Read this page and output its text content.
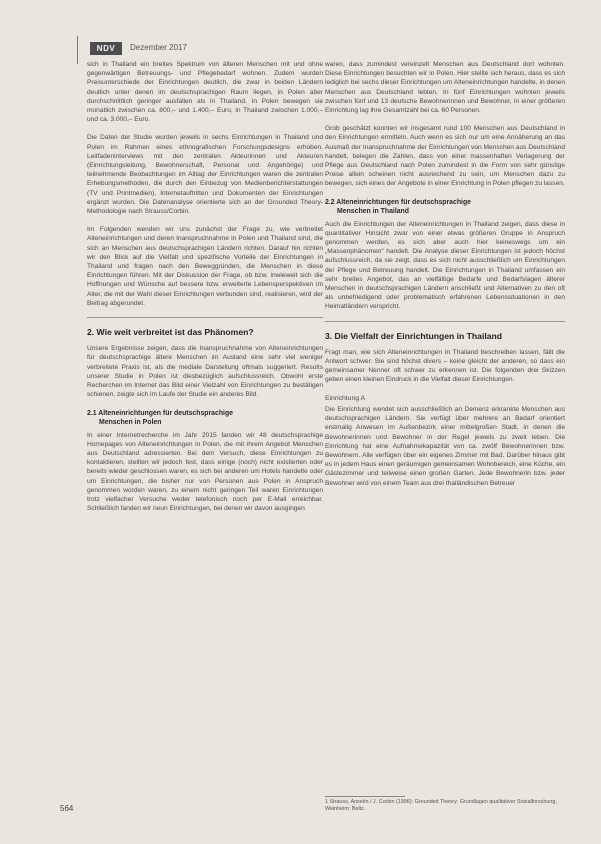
NDV	Dezember 2017

sich in Thailand ein breites Spektrum von älteren Menschen mit und ohne gegenwärtigen Betreuungs- und Pflegebedarf wohnen. Zudem wurden Preisunterschiede der Einrichtungen deutlich, die zwar in beiden Ländern deutlich unter denen im deutschsprachigen Raum liegen, in Polen aber durchschnittlich geringer ausfallen als in Thailand. In Polen bewegen sie monatlich zwischen ca. 800,– und 1.400,– Euro, in Thailand zwischen 1.000,– und ca. 3.000,– Euro.

Die Daten der Studie wurden jeweils in sechs Einrichtungen in Thailand und Polen im Rahmen eines ethnografischen Forschungsdesigns erhoben. Leitfadeninterviews mit den zentralen Akteurinnen und Akteuren (Einrichtungsleitung, Bewohnerschaft, Personal und Angehörige) und teilnehmende Beobachtungen im Alltag der Einrichtungen waren die zentralen Erhebungsmethoden, die durch den Einbezug von Medienberichterstattungen (TV und Printmedien), Internetauftritten und Dokumenten der Einrichtungen ergänzt wurden. Die Datenanalyse orientierte sich an der Grounded Theory-Methodologie nach Strauss/Corbin.

Im Folgenden wenden wir uns zunächst der Frage zu, wie verbreitet Alteneinrichtungen und deren Inanspruchnahme in Polen und Thailand sind, die sich an Menschen aus deutschsprachigen Ländern richten. Darauf hin richten wir den Blick auf die Vielfalt und spezifische Vorteile der Einrichtungen in Thailand und fragen nach den Beweggründen, die Menschen in diese Einrichtungen führen. Mit der Diskussion der Frage, ob bzw. inwieweit sich die Hoffnungen und Wünsche auf bessere bzw. erweiterte Lebensperspektiven im Alter, die mit der Wahl dieser Einrichtungen verbunden sind, realisieren, wird der Beitrag abgerundet.

2. Wie weit verbreitet ist das Phänomen?

Unsere Ergebnisse zeigen, dass die Inanspruchnahme von Alteneinrichtungen für deutschsprachige ältere Menschen im Ausland eine sehr viel weniger verbreitete Praxis ist, als die mediale Darstellung oftmals suggeriert. Results unserer Studie in Polen ist diesbezüglich aufschlussreich. Obwohl erste Recherchen im Internet das Bild einer Vielzahl von Einrichtungen zu bestätigen schienen, zeigte sich im Laufe der Studie ein anderes Bild.

2.1 Alteneinrichtungen für deutschsprachige
Menschen in Polen

In einer Internetrecherche im Jahr 2015 fanden wir 48 deutschsprachige Homepages von Alteneinrichtungen in Polen, die mit ihrem Angebot Menschen aus Deutschland adressierten. Bei dem Versuch, diese Einrichtungen zu kontaktieren, stellten wir jedoch fest, dass einige (noch) nicht existierten oder bereits wieder geschlossen waren, es sich bei anderen um Hotels handelte oder um Einrichtungen, die bisher nur von Personen aus Polen in Anspruch genommen worden waren, zu einem nicht geringen Teil waren Einrichtungen trotz vielfacher Versuche weder telefonisch noch per E-Mail erreichbar. Schließlich fanden wir neun Einrichtungen, bei denen wir davon ausgingen

waren, dass zumindest vereinzelt Menschen aus Deutschland dort wohnten. Diese Einrichtungen besuchten wir in Polen. Hier stellte sich heraus, dass es sich lediglich bei sechs dieser Einrichtungen um Alteneinrichtungen handelte, in denen Menschen aus Deutschland lebten. In fünf Einrichtungen wohnten jeweils zwischen fünf und 13 deutsche Bewohnerinnen und Bewohner, in einer größeren Einrichtung lag ihre Gesamtzahl bei ca. 60 Personen.

Grob geschätzt konnten wir insgesamt rund 100 Menschen aus Deutschland in den Einrichtungen ermitteln. Auch wenn es sich nur um eine Annäherung an das Ausmaß der Inanspruchnahme der Einrichtungen von Menschen aus Deutschland handelt, belegen die Zahlen, dass von einer massenhaften Verlagerung der Pflege aus Deutschland nach Polen zumindest in die Form von sehr günstige Preise allein scheinen nicht ausreichend zu sein, um Menschen dazu zu bewegen, sich eines der Angebote in einer Einrichtung in Polen pflegen zu lassen.

2.2 Alteneinrichtungen für deutschsprachige
Menschen in Thailand

Auch die Einrichtungen der Alteneinrichtungen in Thailand zeigen, dass diese in quantitativer Hinsicht zwar von einer etwas größeren Gruppe in Anspruch genommen werden, es sich aber auch hier keineswegs um ein „Massenphänomen“ handelt. Die Analyse dieser Einrichtungen ist jedoch höchst aufschlussreich, da sie zeigt, dass es sich nicht ausschließlich um Einrichtungen der Pflege und Betreuung handelt. Die Einrichtungen in Thailand umfassen ein sehr breites Angebot, das an vielfältige Bedarfe und Bedarfslagen älterer Menschen in deutschsprachigen Ländern anschließt und Alternativen zu den oft als unbefriedigend oder problematisch erfahrenen Lebenssituationen in den Heimatländern verspricht.

3. Die Vielfalt der Einrichtungen in Thailand

Fragt man, wie sich Alteneinrichtungen in Thailand beschreiben lassen, fällt die Antwort schwer. Sie sind höchst divers – keine gleicht der anderen, so dass ein gemeinsamer Nenner oft schwer zu erkennen ist. Die folgenden drei Skizzen geben einen kleinen Eindruck in die Vielfalt dieser Einrichtungen.

Einrichtung A

Die Einrichtung wendet sich ausschließlich an Demenz erkrankte Menschen aus deutschsprachigen Ländern. Sie verfügt über mehrere an Bedarf orientiert erstmalig Anwesen im Außenbezirk einer mittelgroßen Stadt, in denen die Bewohnerinnen und Bewohner in der Regel jeweils zu zweit leben. Die Einrichtung hat eine Aufnahmekapazität von ca. zwölf Bewohnerinnen bzw. Bewohnern. Alle verfügen über ein eigenes Zimmer mit Bad. Darüber hinaus gibt es in jedem Haus einen geräumigen gemeinsamen Wohnbereich, eine Küche, ein Gästezimmer und teilweise einen großen Garten. Jede Bewohnerin bzw. jeder Bewohner wird von einem Team aus drei thailändischen Betreuer

1 Strauss, Anselm / J. Corbin (1996): Grounded Theory: Grundlagen qualitativer Sozialforschung, Weinheim: Beltz.
564
